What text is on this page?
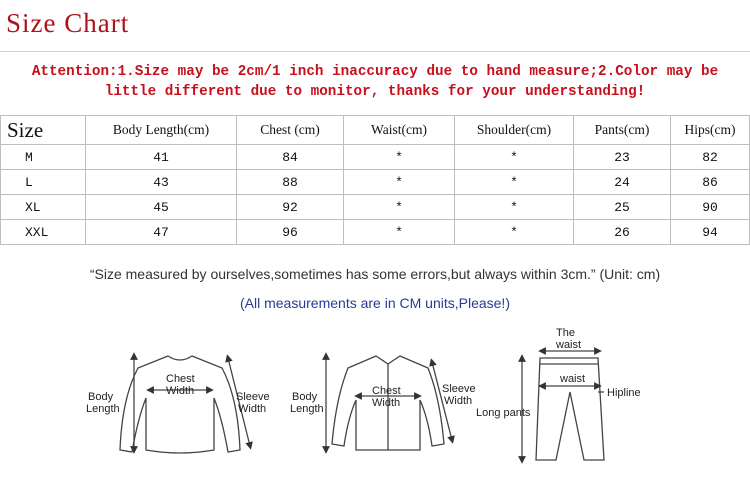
Size Chart
Attention:1.Size may be 2cm/1 inch inaccuracy due to hand measure;2.Color may be
little different due to monitor, thanks for your understanding!
Size	Body Length(cm)	Chest (cm)	Waist(cm)	Shoulder(cm)	Pants(cm)	Hips(cm)
M	41	84	*	*	23	82
L	43	88	*	*	24	86
XL	45	92	*	*	25	90
XXL	47	96	*	*	26	94
“Size measured by ourselves,sometimes has some errors,but always within 3cm.” (Unit: cm)
(All measurements are in CM units,Please!)
Body
Length
Chest
Width	Sleeve
Width
Body
Length
Chest
Width
Sleeve
Width
The
waist
waist
Hipline
Long pants
